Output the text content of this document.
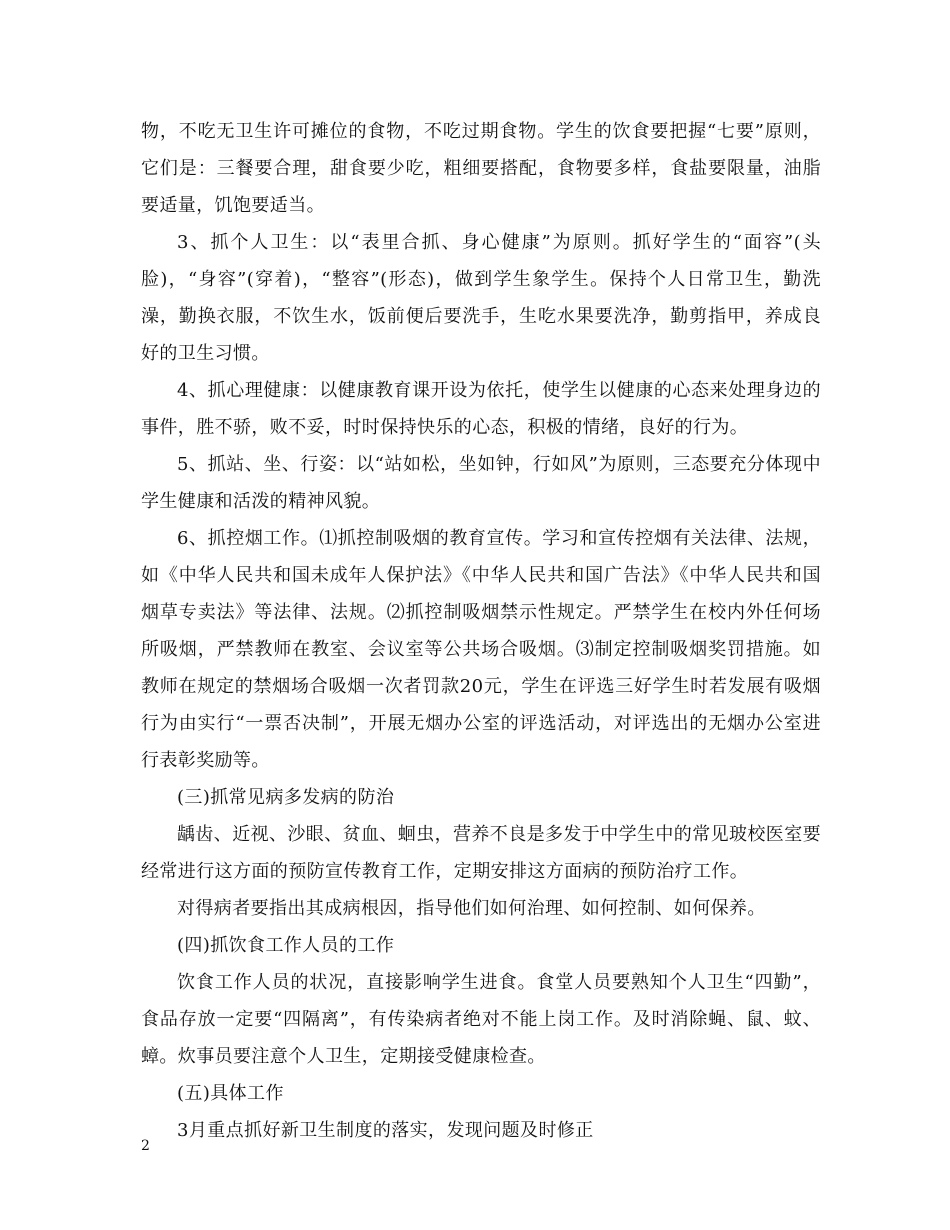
物，不吃无卫生许可摊位的食物，不吃过期食物。学生的饮食要把握“七要”原则，它们是：三餐要合理，甜食要少吃，粗细要搭配，食物要多样，食盐要限量，油脂要适量，饥饱要适当。

3、抓个人卫生：以“表里合抓、身心健康”为原则。抓好学生的“面容”(头脸)，“身容”(穿着)，“整容”(形态)，做到学生象学生。保持个人日常卫生，勤洗澡，勤换衣服，不饮生水，饭前便后要洗手，生吃水果要洗净，勤剪指甲，养成良好的卫生习惯。

4、抓心理健康：以健康教育课开设为依托，使学生以健康的心态来处理身边的事件，胜不骄，败不妥，时时保持快乐的心态，积极的情绪，良好的行为。

5、抓站、坐、行姿：以“站如松，坐如钟，行如风”为原则，三态要充分体现中学生健康和活泼的精神风貌。

6、抓控烟工作。⑴抓控制吸烟的教育宣传。学习和宣传控烟有关法律、法规，如《中华人民共和国未成年人保护法》《中华人民共和国广告法》《中华人民共和国烟草专卖法》等法律、法规。⑵抓控制吸烟禁示性规定。严禁学生在校内外任何场所吸烟，严禁教师在教室、会议室等公共场合吸烟。⑶制定控制吸烟奖罚措施。如教师在规定的禁烟场合吸烟一次者罚款20元，学生在评选三好学生时若发展有吸烟行为由实行“一票否决制”，开展无烟办公室的评选活动，对评选出的无烟办公室进行表彰奖励等。

(三)抓常见病多发病的防治

龋齿、近视、沙眼、贫血、蛔虫，营养不良是多发于中学生中的常见玻校医室要经常进行这方面的预防宣传教育工作，定期安排这方面病的预防治疗工作。

对得病者要指出其成病根因，指导他们如何治理、如何控制、如何保养。

(四)抓饮食工作人员的工作

饮食工作人员的状况，直接影响学生进食。食堂人员要熟知个人卫生“四勤”，食品存放一定要“四隔离”，有传染病者绝对不能上岗工作。及时消除蝇、鼠、蚊、蟑。炊事员要注意个人卫生，定期接受健康检查。

(五)具体工作

3月重点抓好新卫生制度的落实，发现问题及时修正

2
